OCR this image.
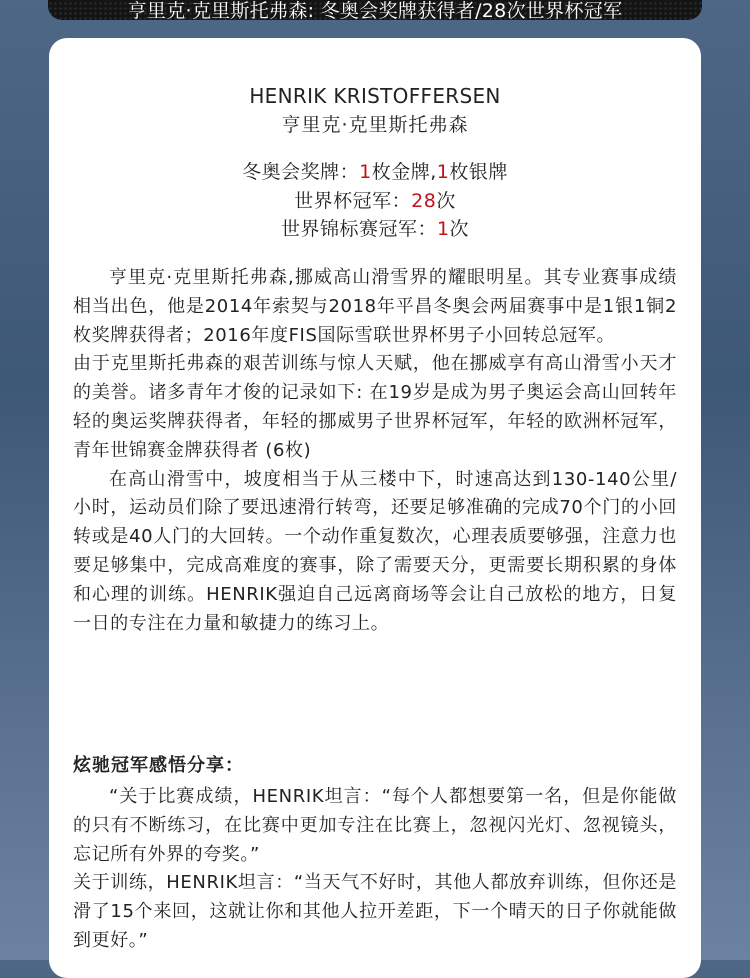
亨里克·克里斯托弗森: 冬奥会奖牌获得者/28次世界杯冠军
HENRIK KRISTOFFERSEN
亨里克·克里斯托弗森
冬奥会奖牌：1枚金牌,1枚银牌
世界杯冠军：28次
世界锦标赛冠军：1次

亨里克·克里斯托弗森,挪威高山滑雪界的耀眼明星。其专业赛事成绩相当出色，他是2014年索契与2018年平昌冬奥会两届赛事中是1银1铜2枚奖牌获得者；2016年度FIS国际雪联世界杯男子小回转总冠军。

由于克里斯托弗森的艰苦训练与惊人天赋，他在挪威享有高山滑雪小天才的美誉。诸多青年才俊的记录如下: 在19岁是成为男子奥运会高山回转年轻的奥运奖牌获得者，年轻的挪威男子世界杯冠军，年轻的欧洲杯冠军，青年世锦赛金牌获得者 (6枚)

在高山滑雪中，坡度相当于从三楼中下，时速高达到130-140公里/小时，运动员们除了要迅速滑行转弯，还要足够准确的完成70个门的小回转或是40人门的大回转。一个动作重复数次，心理表质要够强，注意力也要足够集中，完成高难度的赛事，除了需要天分，更需要长期积累的身体和心理的训练。HENRIK强迫自己远离商场等会让自己放松的地方，日复一日的专注在力量和敏捷力的练习上。

炫驰冠军感悟分享：

“关于比赛成绩，HENRIK坦言：“每个人都想要第一名，但是你能做的只有不断练习，在比赛中更加专注在比赛上，忽视闪光灯、忽视镜头，忘记所有外界的夸奖。”

关于训练，HENRIK坦言：“当天气不好时，其他人都放弃训练，但你还是滑了15个来回，这就让你和其他人拉开差距，下一个晴天的日子你就能做到更好。”
